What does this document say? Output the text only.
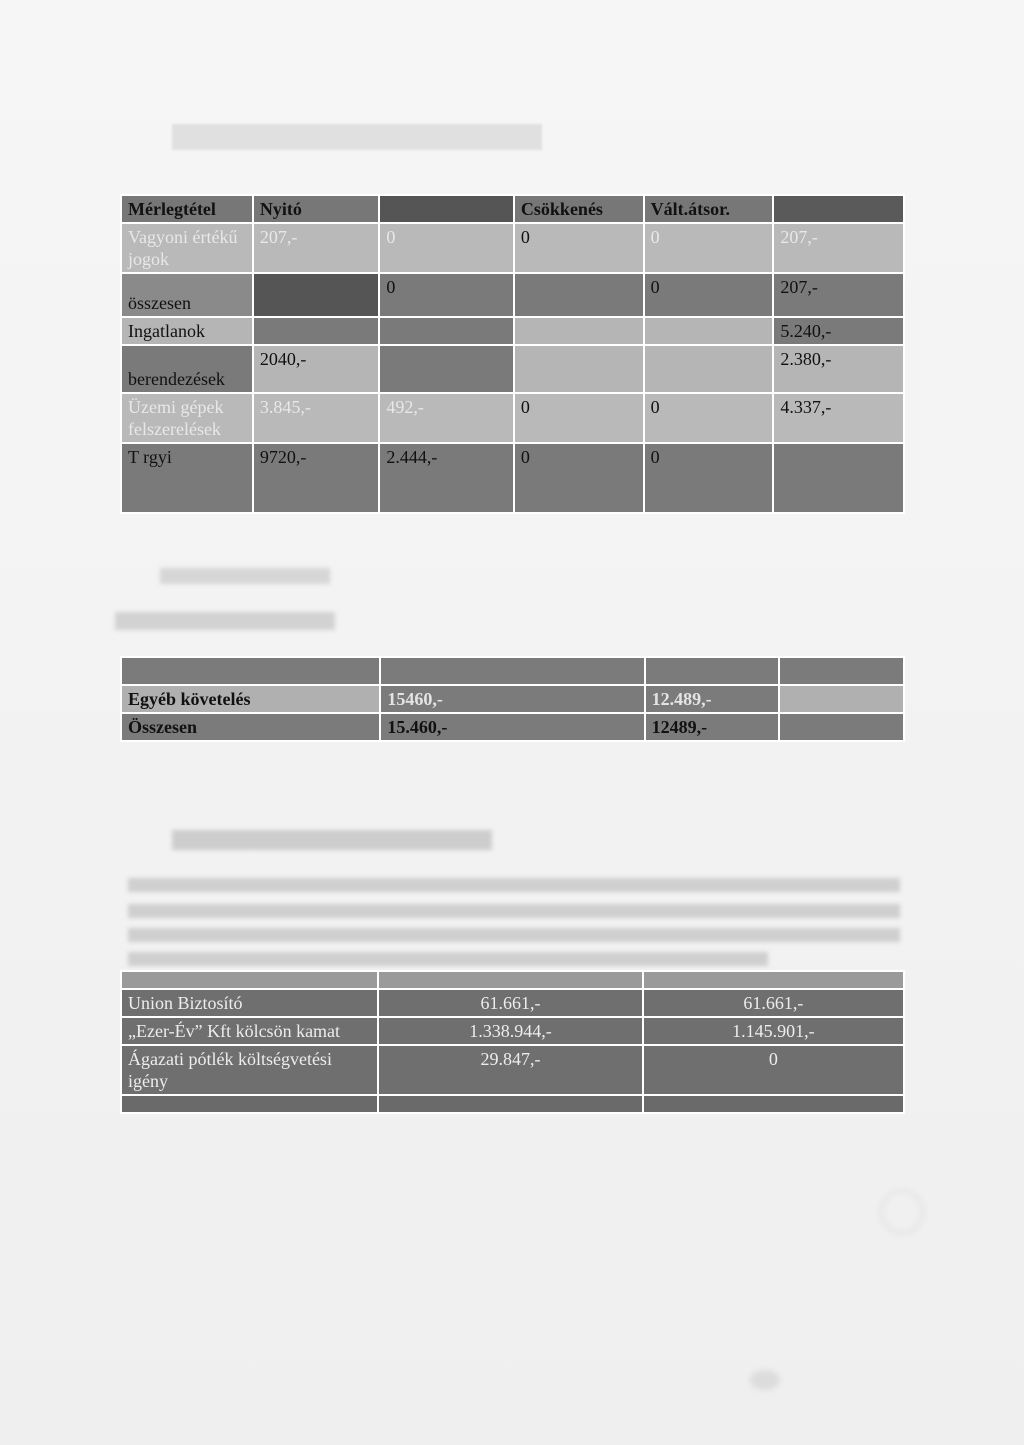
Mérlegtétel	Nyitó		Csökkenés	Vált.átsor.	
Vagyoni értékű jogok	207,-	0	0	0	207,-
összesen		0		0	207,-
Ingatlanok					5.240,-
berendezések	2040,-				2.380,-
Üzemi gépek felszerelések	3.845,-	492,-	0	0	4.337,-
T rgyi	9720,-	2.444,-	0	0	

Egyéb követelés	15460,-	12.489,-	
Összesen	15.460,-	12489,-	

Union Biztosító	61.661,-	61.661,-
„Ezer-Év” Kft kölcsön kamat	1.338.944,-	1.145.901,-
Ágazati pótlék költségvetési igény	29.847,-	0
